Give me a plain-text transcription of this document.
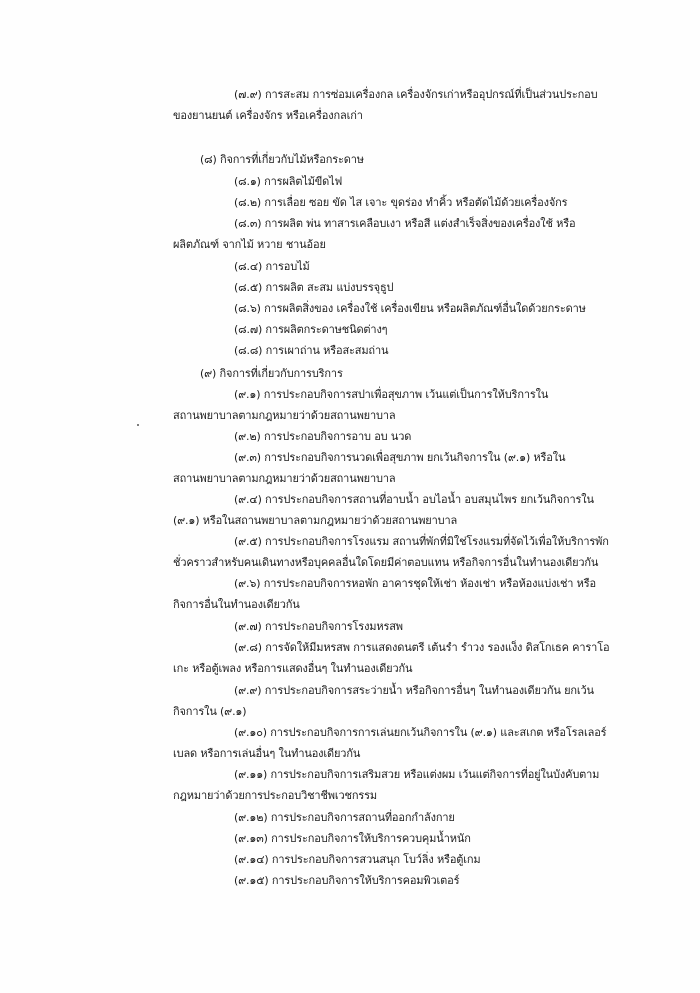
(๗.๙) การสะสม การซ่อมเครื่องกล เครื่องจักรเก่าหรืออุปกรณ์ที่เป็นส่วนประกอบ
ของยานยนต์ เครื่องจักร หรือเครื่องกลเก่า
(๘) กิจการที่เกี่ยวกับไม้หรือกระดาษ
(๘.๑) การผลิตไม้ขีดไฟ
(๘.๒) การเลื่อย ซอย ขัด ไส เจาะ ขุดร่อง ทำคิ้ว หรือตัดไม้ด้วยเครื่องจักร
(๘.๓) การผลิต พ่น ทาสารเคลือบเงา หรือสี แต่งสำเร็จสิ่งของเครื่องใช้ หรือ
ผลิตภัณฑ์ จากไม้ หวาย ชานอ้อย
(๘.๔) การอบไม้
(๘.๕) การผลิต สะสม แบ่งบรรจุธูป
(๘.๖) การผลิตสิ่งของ เครื่องใช้ เครื่องเขียน หรือผลิตภัณฑ์อื่นใดด้วยกระดาษ
(๘.๗) การผลิตกระดาษชนิดต่างๆ
(๘.๘) การเผาถ่าน หรือสะสมถ่าน
(๙) กิจการที่เกี่ยวกับการบริการ
(๙.๑) การประกอบกิจการสปาเพื่อสุขภาพ เว้นแต่เป็นการให้บริการใน
สถานพยาบาลตามกฎหมายว่าด้วยสถานพยาบาล
(๙.๒) การประกอบกิจการอาบ อบ นวด
(๙.๓) การประกอบกิจการนวดเพื่อสุขภาพ ยกเว้นกิจการใน (๙.๑) หรือใน
สถานพยาบาลตามกฎหมายว่าด้วยสถานพยาบาล
(๙.๔) การประกอบกิจการสถานที่อาบน้ำ อบไอน้ำ อบสมุนไพร ยกเว้นกิจการใน
(๙.๑) หรือในสถานพยาบาลตามกฎหมายว่าด้วยสถานพยาบาล
(๙.๕) การประกอบกิจการโรงแรม สถานที่พักที่มิใช่โรงแรมที่จัดไว้เพื่อให้บริการพัก
ชั่วคราวสำหรับคนเดินทางหรือบุคคลอื่นใดโดยมีค่าตอบแทน หรือกิจการอื่นในทำนองเดียวกัน
(๙.๖) การประกอบกิจการหอพัก อาคารชุดให้เช่า ห้องเช่า หรือห้องแบ่งเช่า หรือ
กิจการอื่นในทำนองเดียวกัน
(๙.๗) การประกอบกิจการโรงมหรสพ
(๙.๘) การจัดให้มีมหรสพ การแสดงดนตรี เต้นรำ รำวง รองแง็ง ดิสโกเธค คาราโอ
เกะ หรือตู้เพลง หรือการแสดงอื่นๆ ในทำนองเดียวกัน
(๙.๙) การประกอบกิจการสระว่ายน้ำ หรือกิจการอื่นๆ ในทำนองเดียวกัน ยกเว้น
กิจการใน (๙.๑)
(๙.๑๐) การประกอบกิจการการเล่นยกเว้นกิจการใน (๙.๑) และสเกต หรือโรลเลอร์
เบลด หรือการเล่นอื่นๆ ในทำนองเดียวกัน
(๙.๑๑) การประกอบกิจการเสริมสวย หรือแต่งผม เว้นแต่กิจการที่อยู่ในบังคับตาม
กฎหมายว่าด้วยการประกอบวิชาชีพเวชกรรม
(๙.๑๒) การประกอบกิจการสถานที่ออกกำลังกาย
(๙.๑๓) การประกอบกิจการให้บริการควบคุมน้ำหนัก
(๙.๑๔) การประกอบกิจการสวนสนุก โบว์ลิ่ง หรือตู้เกม
(๙.๑๕) การประกอบกิจการให้บริการคอมพิวเตอร์
